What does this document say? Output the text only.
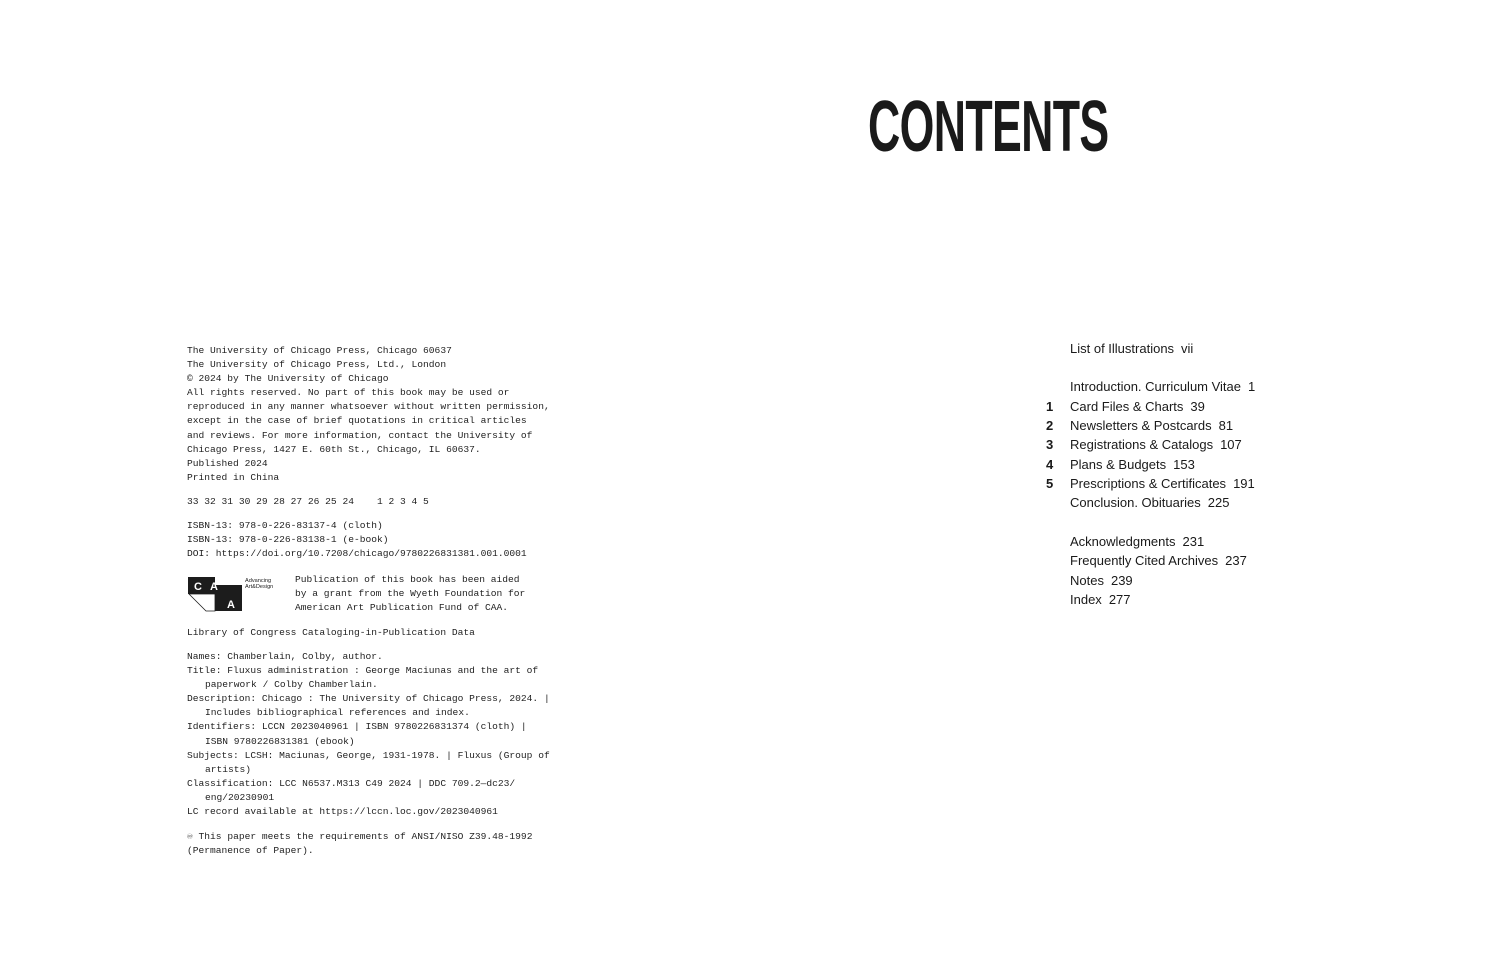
The University of Chicago Press, Chicago 60637
The University of Chicago Press, Ltd., London
© 2024 by The University of Chicago
All rights reserved. No part of this book may be used or
reproduced in any manner whatsoever without written permission,
except in the case of brief quotations in critical articles
and reviews. For more information, contact the University of
Chicago Press, 1427 E. 60th St., Chicago, IL 60637.
Published 2024
Printed in China
33 32 31 30 29 28 27 26 25 24    1 2 3 4 5
ISBN-13: 978-0-226-83137-4 (cloth)
ISBN-13: 978-0-226-83138-1 (e-book)
DOI: https://doi.org/10.7208/chicago/9780226831381.001.0001
C A
A
Advancing
Art&Design
Publication of this book has been aided
by a grant from the Wyeth Foundation for
American Art Publication Fund of CAA.
Library of Congress Cataloging-in-Publication Data
Names: Chamberlain, Colby, author.
Title: Fluxus administration : George Maciunas and the art of
paperwork / Colby Chamberlain.
Description: Chicago : The University of Chicago Press, 2024. |
Includes bibliographical references and index.
Identifiers: LCCN 2023040961 | ISBN 9780226831374 (cloth) |
ISBN 9780226831381 (ebook)
Subjects: LCSH: Maciunas, George, 1931-1978. | Fluxus (Group of
artists)
Classification: LCC N6537.M313 C49 2024 | DDC 709.2—dc23/
eng/20230901
LC record available at https://lccn.loc.gov/2023040961
♾ This paper meets the requirements of ANSI/NISO Z39.48-1992
(Permanence of Paper).
CONTENTS
List of Illustrations vii
Introduction. Curriculum Vitae 1
1	Card Files & Charts 39
2	Newsletters & Postcards 81
3	Registrations & Catalogs 107
4	Plans & Budgets 153
5	Prescriptions & Certificates 191
Conclusion. Obituaries 225
Acknowledgments 231
Frequently Cited Archives 237
Notes 239
Index 277
